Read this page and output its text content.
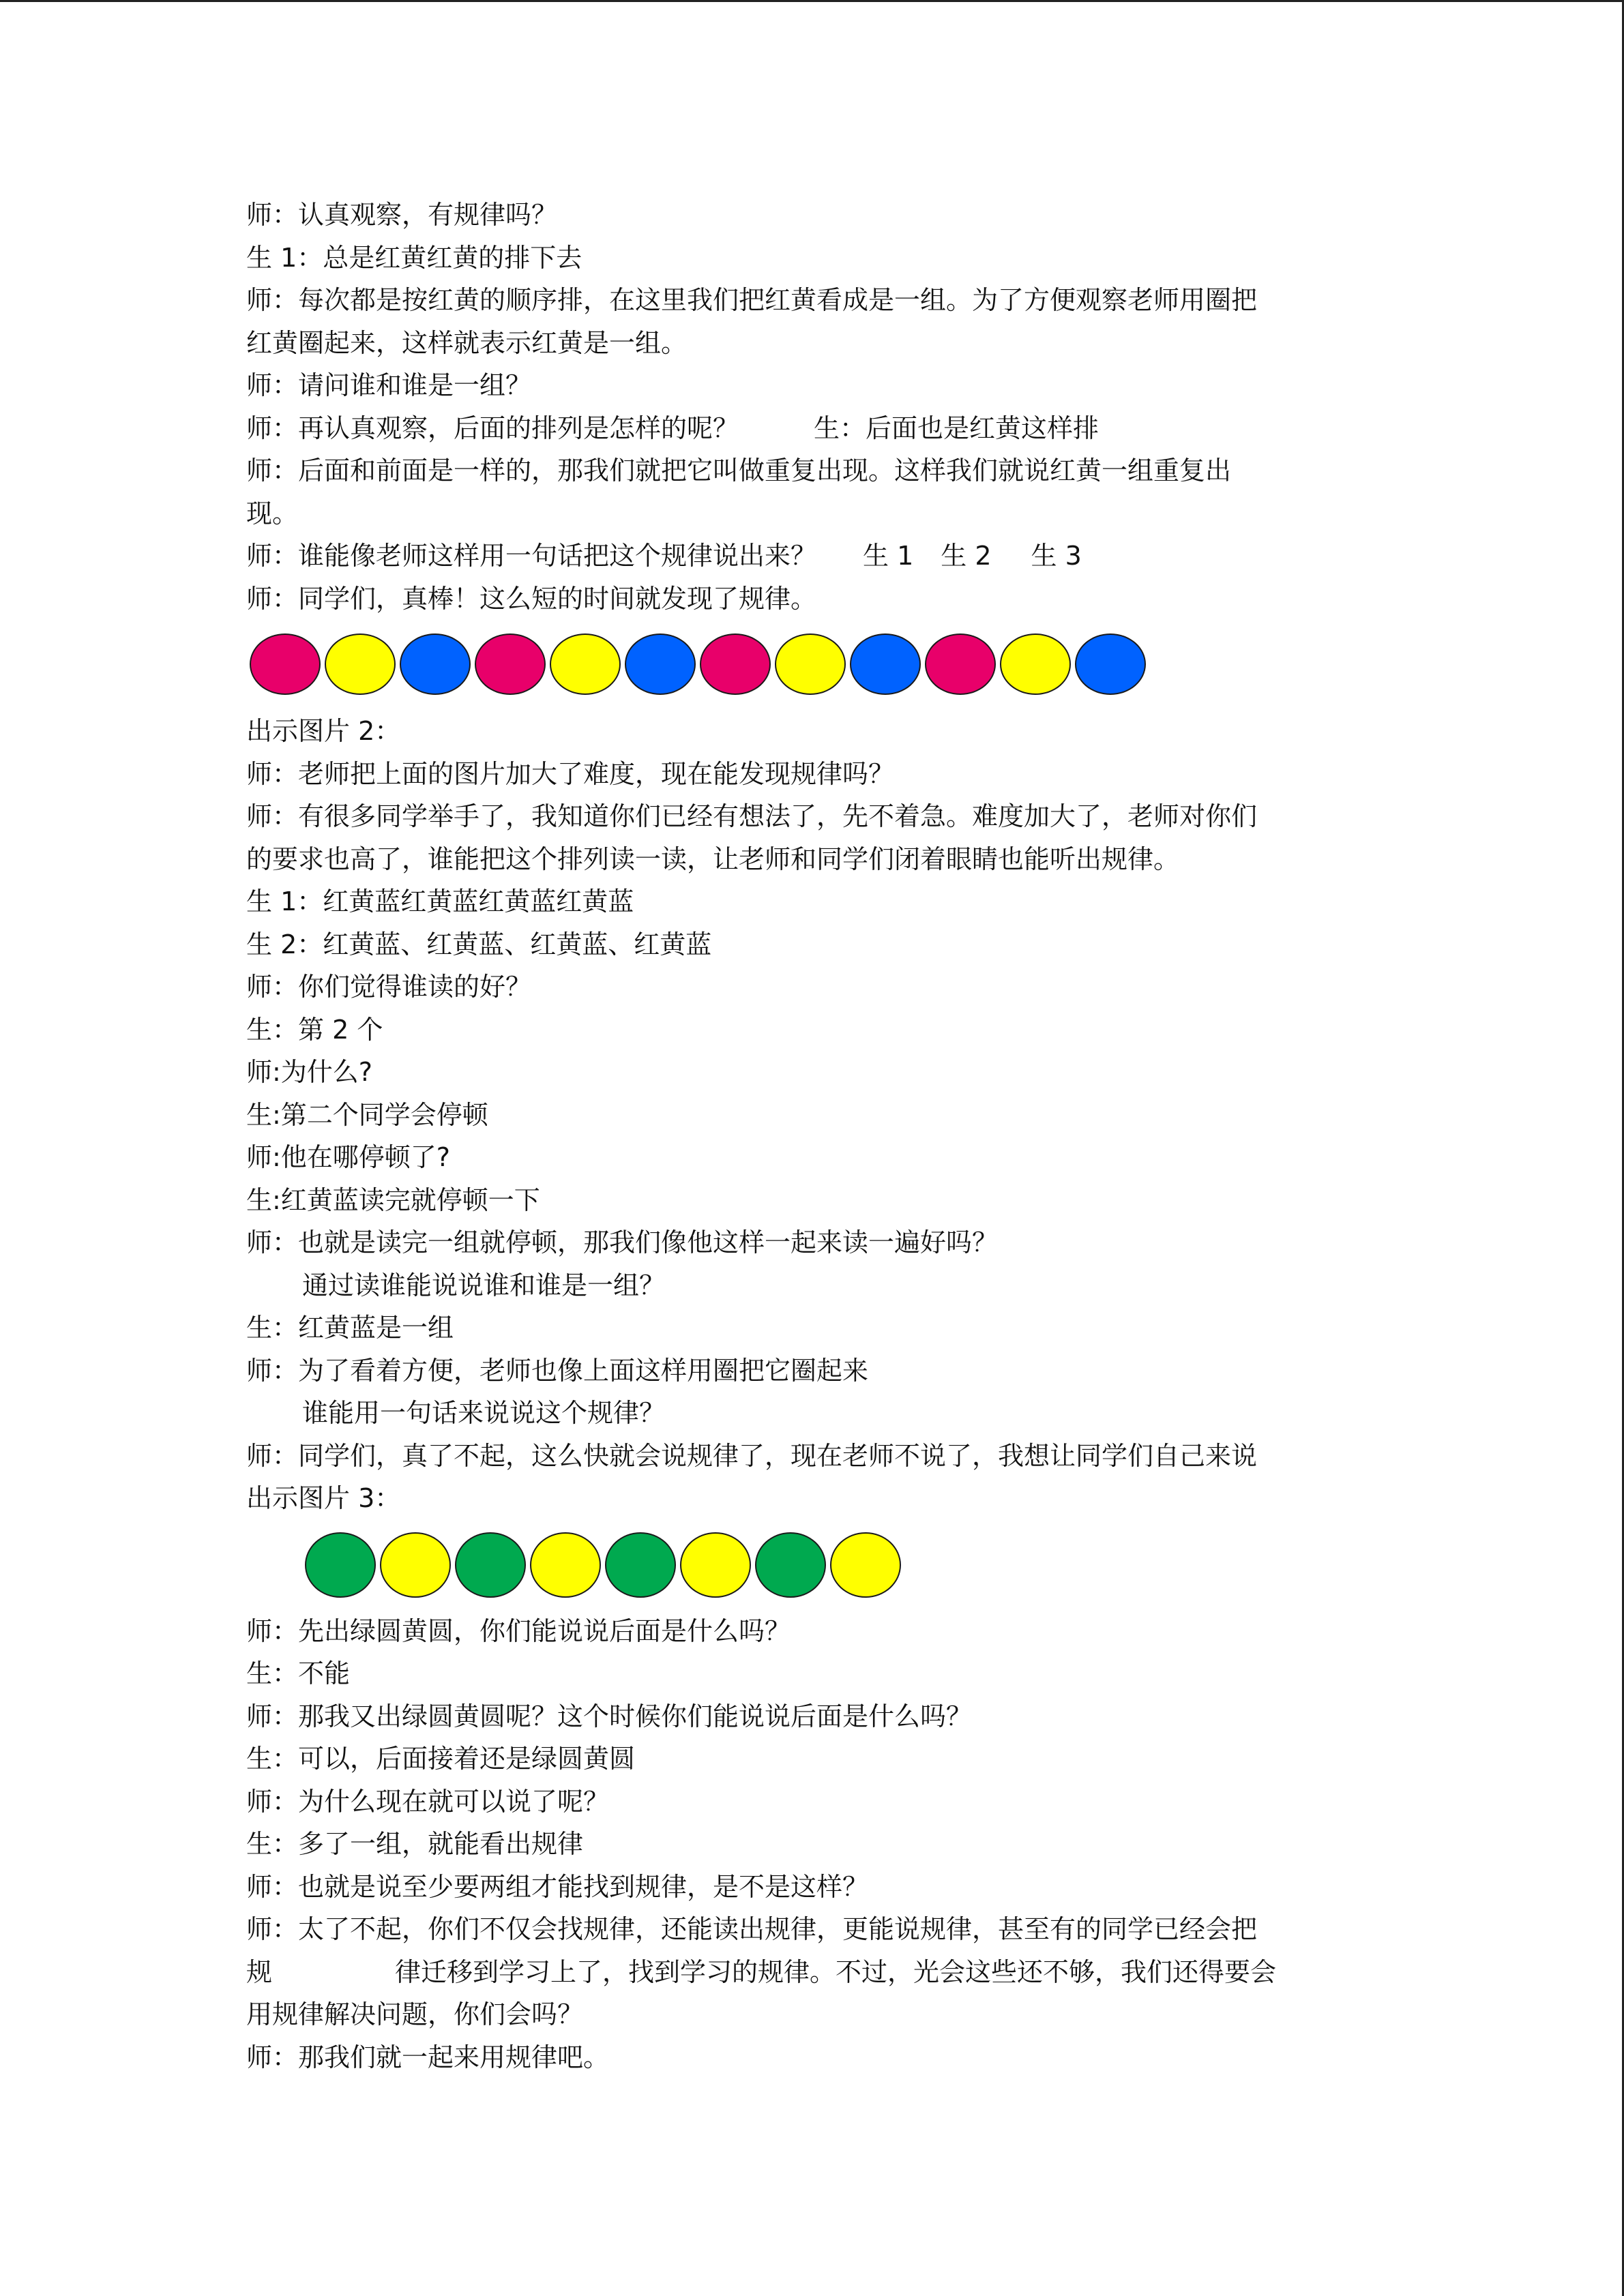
师：认真观察，有规律吗？
生 1：总是红黄红黄的排下去
师：每次都是按红黄的顺序排，在这里我们把红黄看成是一组。为了方便观察老师用圈把
红黄圈起来，这样就表示红黄是一组。
师：请问谁和谁是一组？
师：再认真观察，后面的排列是怎样的呢？	生：后面也是红黄这样排
师：后面和前面是一样的，那我们就把它叫做重复出现。这样我们就说红黄一组重复出
现。
师：谁能像老师这样用一句话把这个规律说出来？ 生 1 生 2 生 3
师：同学们，真棒！这么短的时间就发现了规律。
出示图片 2：
师：老师把上面的图片加大了难度，现在能发现规律吗？
师：有很多同学举手了，我知道你们已经有想法了，先不着急。难度加大了，老师对你们
的要求也高了，谁能把这个排列读一读，让老师和同学们闭着眼睛也能听出规律。
生 1：红黄蓝红黄蓝红黄蓝红黄蓝
生 2：红黄蓝、红黄蓝、红黄蓝、红黄蓝
师：你们觉得谁读的好？
生：第 2 个
师:为什么?
生:第二个同学会停顿
师:他在哪停顿了?
生:红黄蓝读完就停顿一下
师：也就是读完一组就停顿，那我们像他这样一起来读一遍好吗？
通过读谁能说说谁和谁是一组？
生：红黄蓝是一组
师：为了看着方便，老师也像上面这样用圈把它圈起来
谁能用一句话来说说这个规律？
师：同学们，真了不起，这么快就会说规律了，现在老师不说了，我想让同学们自己来说
出示图片 3：
师：先出绿圆黄圆，你们能说说后面是什么吗？
生：不能
师：那我又出绿圆黄圆呢？这个时候你们能说说后面是什么吗？
生：可以，后面接着还是绿圆黄圆
师：为什么现在就可以说了呢？
生：多了一组，就能看出规律
师：也就是说至少要两组才能找到规律，是不是这样？
师：太了不起，你们不仅会找规律，还能读出规律，更能说规律，甚至有的同学已经会把
规	律迁移到学习上了，找到学习的规律。不过，光会这些还不够，我们还得要会
用规律解决问题，你们会吗？
师：那我们就一起来用规律吧。
